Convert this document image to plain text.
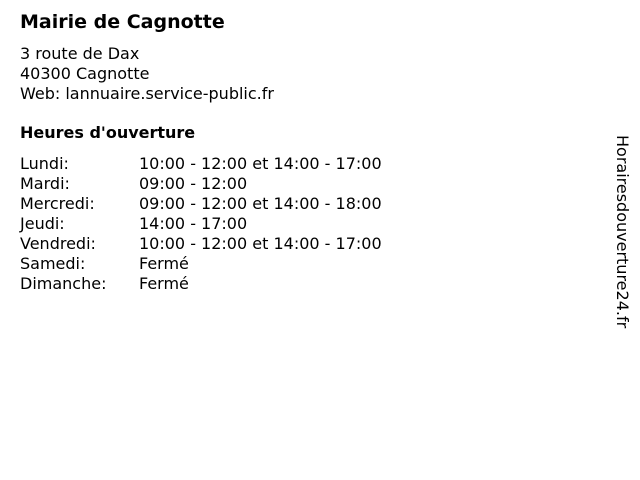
Mairie de Cagnotte
3 route de Dax
40300 Cagnotte
Web: lannuaire.service-public.fr
Heures d'ouverture
Lundi:	10:00 - 12:00 et 14:00 - 17:00
Mardi:	09:00 - 12:00
Mercredi:	09:00 - 12:00 et 14:00 - 18:00
Jeudi:	14:00 - 17:00
Vendredi:	10:00 - 12:00 et 14:00 - 17:00
Samedi:	Fermé
Dimanche: Fermé	Horairesdouverture24.fr
